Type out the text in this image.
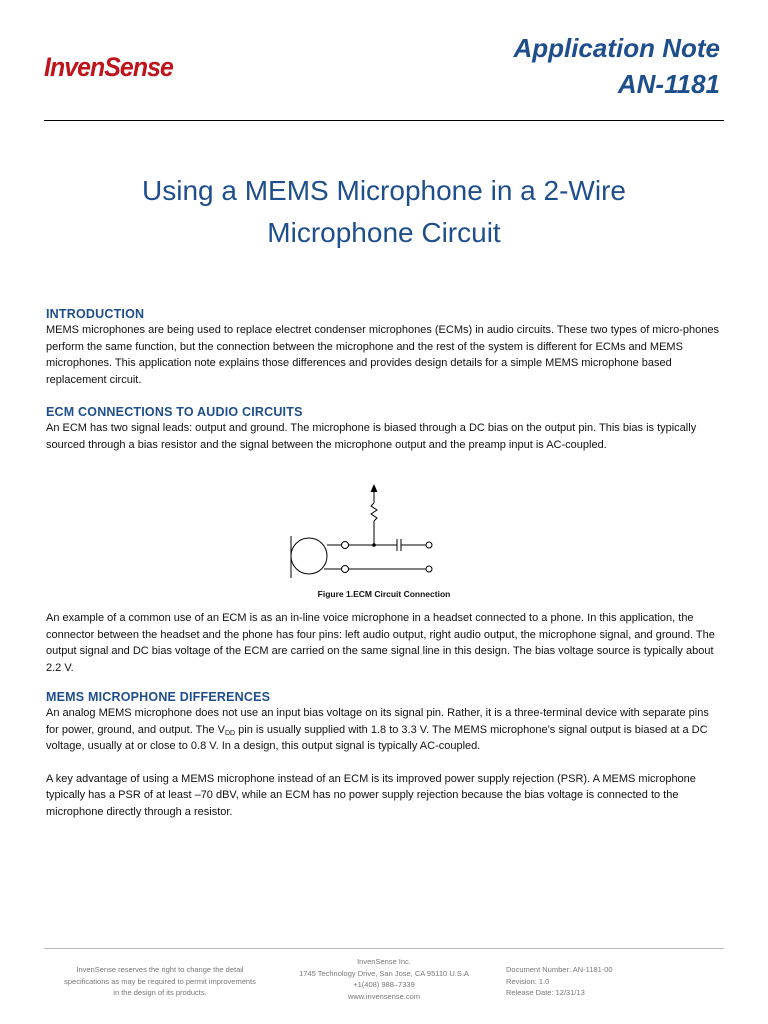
InvenSense
Application Note
AN-1181
Using a MEMS Microphone in a 2-Wire
Microphone Circuit
INTRODUCTION

MEMS microphones are being used to replace electret condenser microphones (ECMs) in audio circuits. These two types of micro-phones perform the same function, but the connection between the microphone and the rest of the system is different for ECMs and MEMS microphones. This application note explains those differences and provides design details for a simple MEMS microphone based replacement circuit.

ECM CONNECTIONS TO AUDIO CIRCUITS

An ECM has two signal leads: output and ground. The microphone is biased through a DC bias on the output pin. This bias is typically sourced through a bias resistor and the signal between the microphone output and the preamp input is AC-coupled.

Figure 1.ECM Circuit Connection

An example of a common use of an ECM is as an in-line voice microphone in a headset connected to a phone. In this application, the connector between the headset and the phone has four pins: left audio output, right audio output, the microphone signal, and ground. The output signal and DC bias voltage of the ECM are carried on the same signal line in this design. The bias voltage source is typically about 2.2 V.

MEMS MICROPHONE DIFFERENCES

An analog MEMS microphone does not use an input bias voltage on its signal pin. Rather, it is a three-terminal device with separate pins for power, ground, and output. The $V_{DD}$ pin is usually supplied with 1.8 to 3.3 V. The MEMS microphone’s signal output is biased at a DC voltage, usually at or close to 0.8 V. In a design, this output signal is typically AC-coupled.

A key advantage of using a MEMS microphone instead of an ECM is its improved power supply rejection (PSR). A MEMS microphone typically has a PSR of at least –70 dBV, while an ECM has no power supply rejection because the bias voltage is connected to the microphone directly through a resistor.

InvenSense reserves the right to change the detail
specifications as may be required to permit improvements
in the design of its products.
InvenSense Inc.
1745 Technology Drive, San Jose, CA 95110 U.S.A
+1(408) 988–7339
www.invensense.com
Document Number: AN-1181-00
Revision: 1.0
Release Date: 12/31/13
